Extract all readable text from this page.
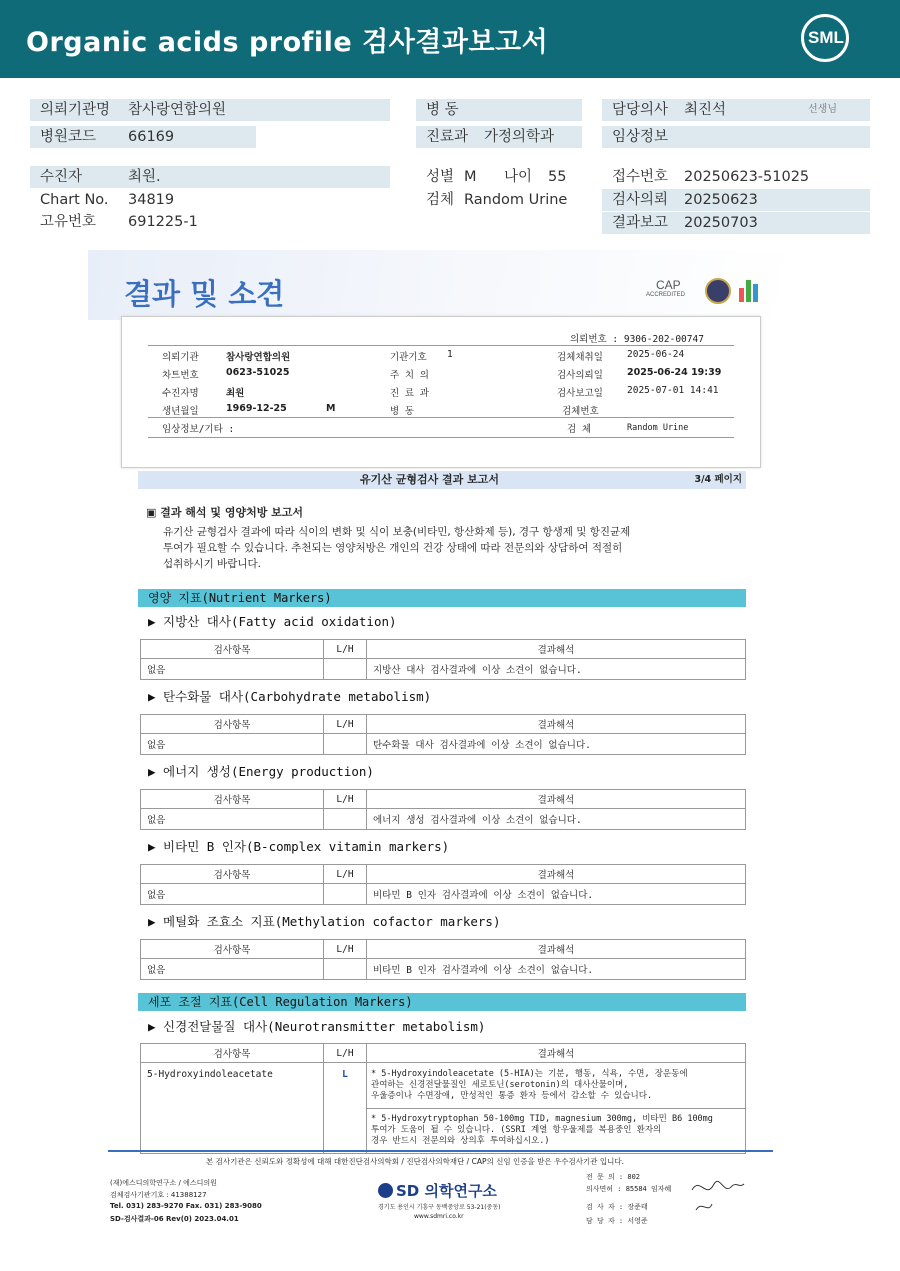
Organic acids profile 검사결과보고서	SML
의뢰기관명 참사랑연합의원
병원코드 66169
병 동
진료과 가정의학과
담당의사 최진석	선생님
임상정보
수진자	최원.
Chart No. 34819
고유번호 691225-1
성별 M 나이 55
검체 Random Urine
접수번호 20250623-51025
검사의뢰 20250623
결과보고 20250703
결과 및 소견	CAP
ACCREDITED
의뢰번호 : 9306-202-00747
의뢰기관	참사랑연합의원	기관기호 1	검체채취일	2025-06-24
차트번호	0623-51025	주 치 의	검사의뢰일	2025-06-24 19:39
수진자명	최원	진 료 과	검사보고일	2025-07-01 14:41
생년월일	1969-12-25	M	병 동	검체번호
임상정보/기타 :	검 체	Random Urine
유기산 균형검사 결과 보고서	3/4 페이지
▣ 결과 해석 및 영양처방 보고서
유기산 균형검사 결과에 따라 식이의 변화 및 식이 보충(비타민, 항산화제 등), 경구 항생제 및 항진균제
투여가 필요할 수 있습니다. 추천되는 영양처방은 개인의 건강 상태에 따라 전문의와 상담하여 적절히
섭취하시기 바랍니다.
영양 지표(Nutrient Markers)
▶ 지방산 대사(Fatty acid oxidation)
검사항목	L/H	결과해석
없음		지방산 대사 검사결과에 이상 소견이 없습니다.
▶ 탄수화물 대사(Carbohydrate metabolism)
검사항목	L/H	결과해석
없음		탄수화물 대사 검사결과에 이상 소견이 없습니다.
▶ 에너지 생성(Energy production)
검사항목	L/H	결과해석
없음		에너지 생성 검사결과에 이상 소견이 없습니다.
▶ 비타민 B 인자(B-complex vitamin markers)
검사항목	L/H	결과해석
없음		비타민 B 인자 검사결과에 이상 소견이 없습니다.
▶ 메틸화 조효소 지표(Methylation cofactor markers)
검사항목	L/H	결과해석
없음		비타민 B 인자 검사결과에 이상 소견이 없습니다.
세포 조절 지표(Cell Regulation Markers)
▶ 신경전달물질 대사(Neurotransmitter metabolism)
검사항목	L/H	결과해석
5-Hydroxyindoleacetate	L	* 5-Hydroxyindoleacetate (5-HIA)는 기분, 행동, 식욕, 수면, 장운동에
관여하는 신경전달물질인 세로토닌(serotonin)의 대사산물이며,
우울증이나 수면장애, 만성적인 통증 환자 등에서 감소할 수 있습니다.

		* 5-Hydroxytryptophan 50-100mg TID, magnesium 300mg, 비타민 B6 100mg
투여가 도움이 될 수 있습니다. (SSRI 계열 항우울제를 복용중인 환자의
경우 반드시 전문의와 상의후 투여하십시오.)
본 검사기관은 신뢰도와 정확성에 대해 대한진단검사의학회 / 진단검사의학재단 / CAP의 신임 인증을 받은 우수검사기관 입니다.
(재)에스디의학연구소 / 에스디의원
검체검사기관기호 : 41388127
Tel. 031) 283-9270 Fax. 031) 283-9080
SD-검사결과-06 Rev(0) 2023.04.01
SD 의학연구소
경기도 용인시 기흥구 동백중앙로 53-21(중동)
www.sdmri.co.kr
전 문 의 : 802
의사면허 : 85584 임자혜
검 사 자 : 장준태
담 당 자 : 서영준
